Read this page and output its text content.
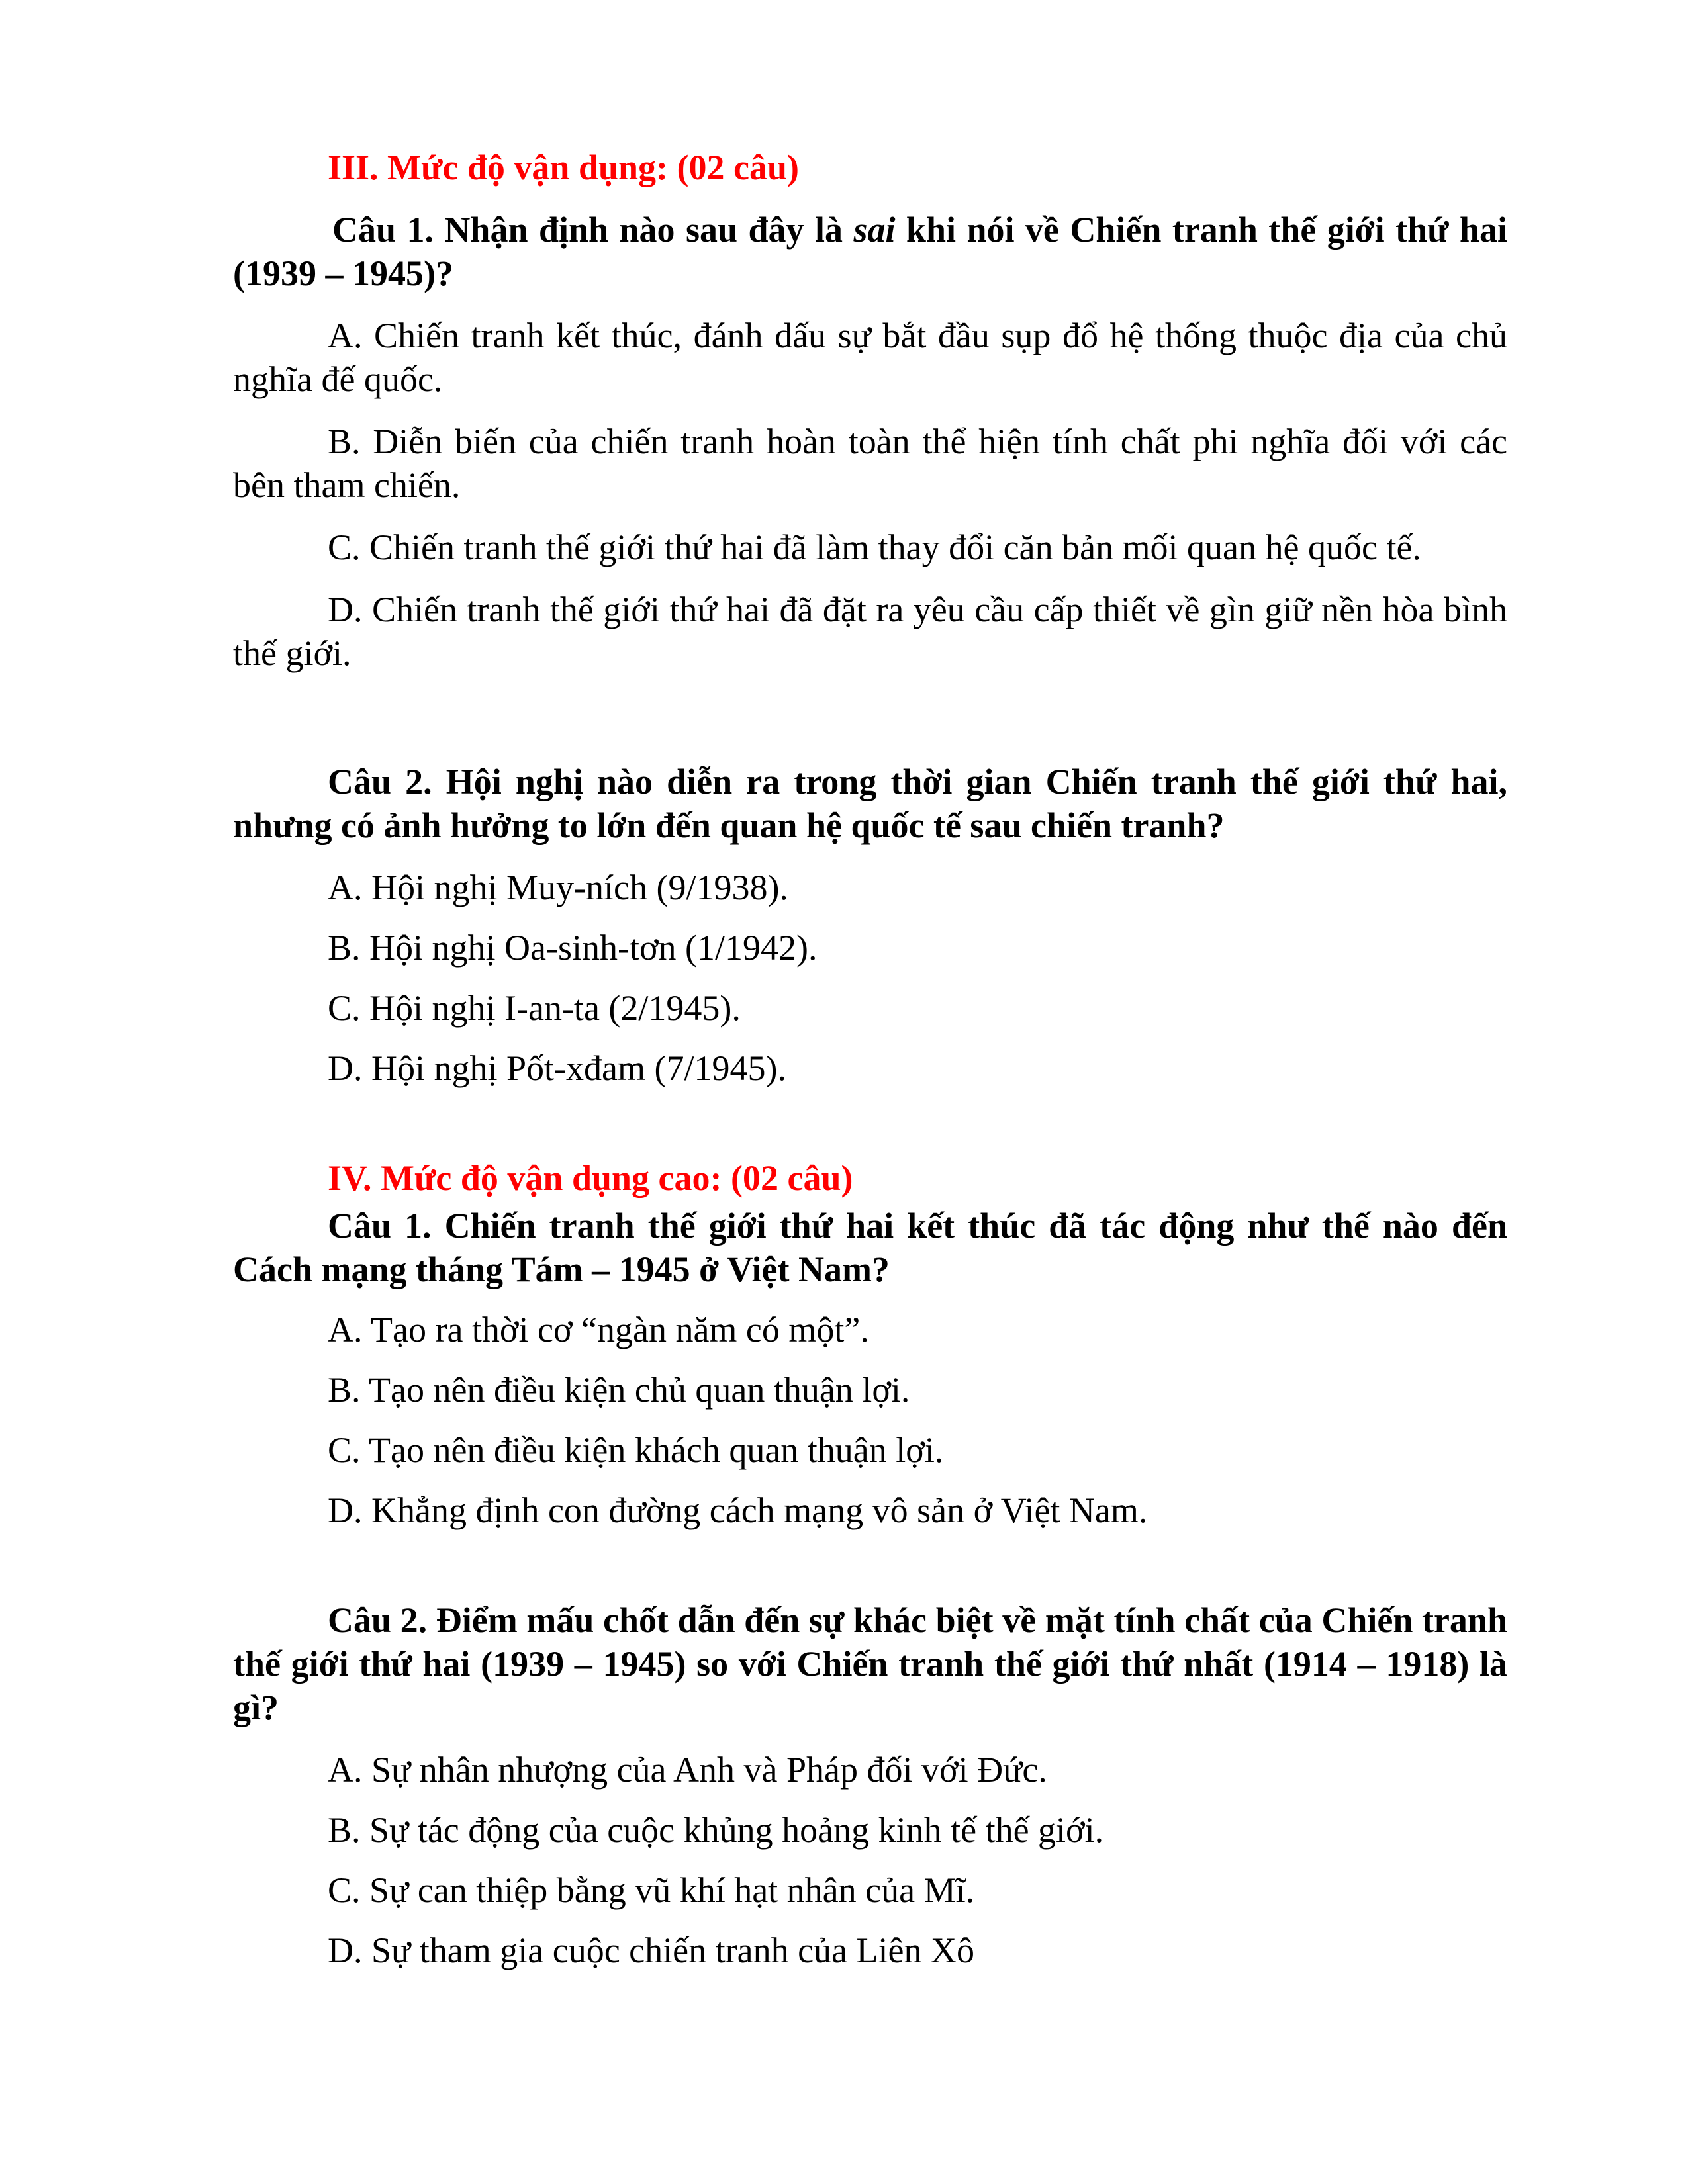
III. Mức độ vận dụng: (02 câu)

Câu 1. Nhận định nào sau đây là sai khi nói về Chiến tranh thế giới thứ hai (1939 – 1945)?

A. Chiến tranh kết thúc, đánh dấu sự bắt đầu sụp đổ hệ thống thuộc địa của chủ nghĩa đế quốc.

B. Diễn biến của chiến tranh hoàn toàn thể hiện tính chất phi nghĩa đối với các bên tham chiến.

C. Chiến tranh thế giới thứ hai đã làm thay đổi căn bản mối quan hệ quốc tế.

D. Chiến tranh thế giới thứ hai đã đặt ra yêu cầu cấp thiết về gìn giữ nền hòa bình thế giới.

Câu 2. Hội nghị nào diễn ra trong thời gian Chiến tranh thế giới thứ hai, nhưng có ảnh hưởng to lớn đến quan hệ quốc tế sau chiến tranh?

A. Hội nghị Muy-ních (9/1938).

B. Hội nghị Oa-sinh-tơn (1/1942).

C. Hội nghị I-an-ta (2/1945).

D. Hội nghị Pốt-xđam (7/1945).

IV. Mức độ vận dụng cao: (02 câu)

Câu 1. Chiến tranh thế giới thứ hai kết thúc đã tác động như thế nào đến Cách mạng tháng Tám – 1945 ở Việt Nam?

A. Tạo ra thời cơ “ngàn năm có một”.

B. Tạo nên điều kiện chủ quan thuận lợi.

C. Tạo nên điều kiện khách quan thuận lợi.

D. Khẳng định con đường cách mạng vô sản ở Việt Nam.

Câu 2. Điểm mấu chốt dẫn đến sự khác biệt về mặt tính chất của Chiến tranh thế giới thứ hai (1939 – 1945) so với Chiến tranh thế giới thứ nhất (1914 – 1918) là gì?

A. Sự nhân nhượng của Anh và Pháp đối với Đức.

B. Sự tác động của cuộc khủng hoảng kinh tế thế giới.

C. Sự can thiệp bằng vũ khí hạt nhân của Mĩ.

D. Sự tham gia cuộc chiến tranh của Liên Xô
